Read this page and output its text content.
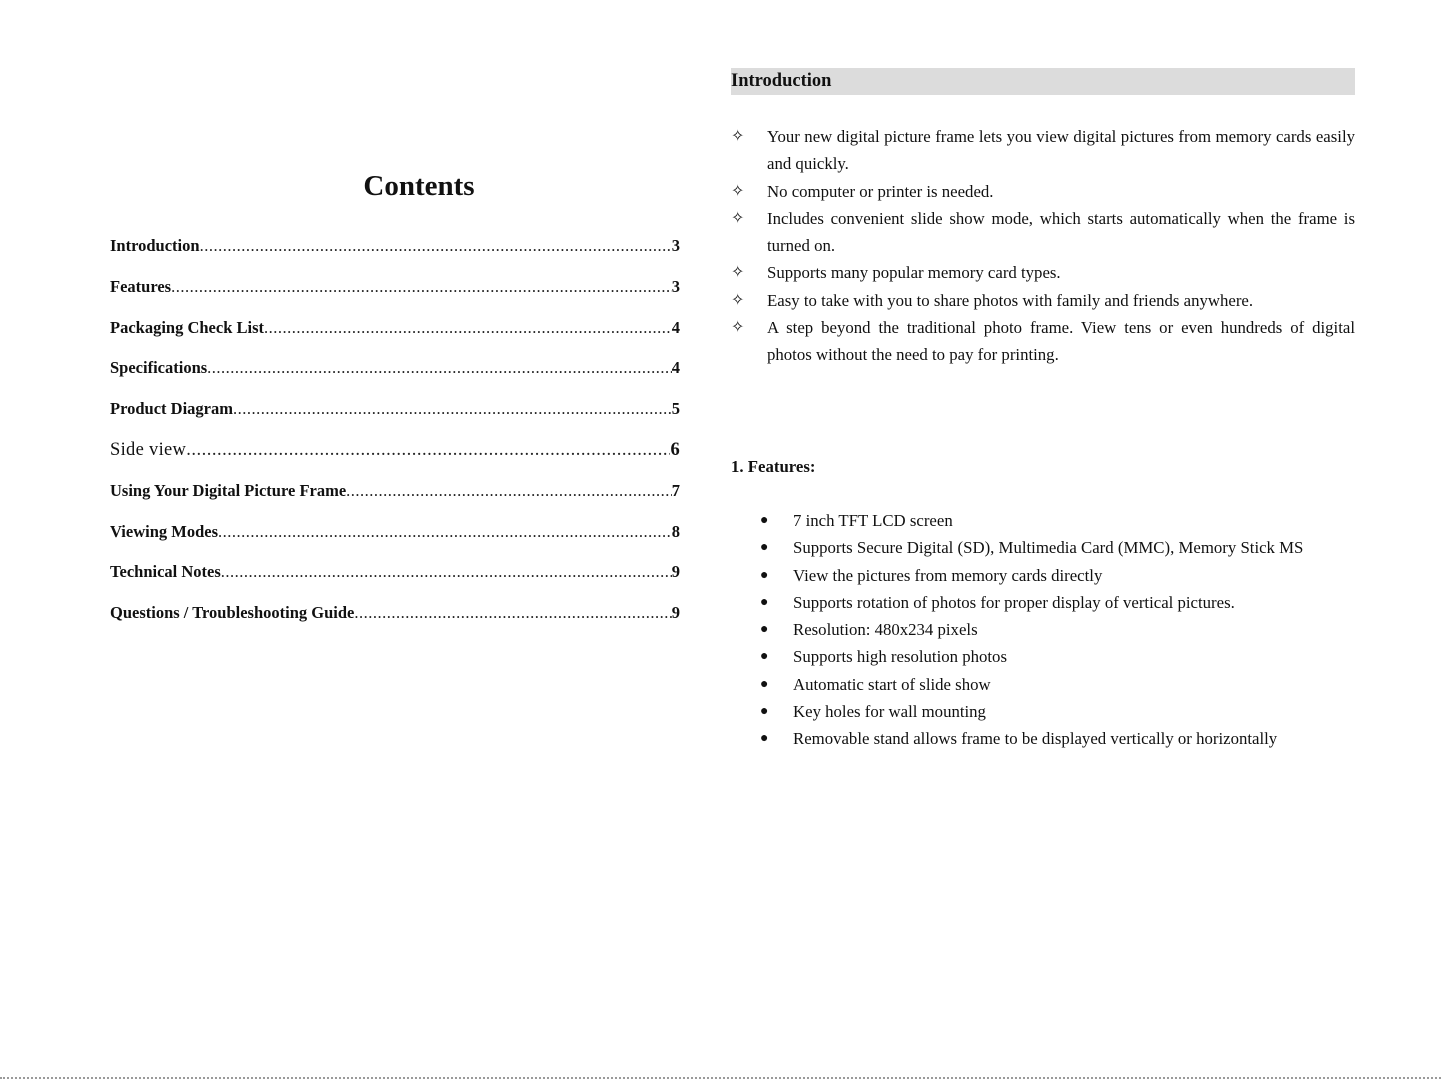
Contents
Introduction .....	3
Features .....	3
Packaging Check List .....	4
Specifications .....	4
Product Diagram .....	5
Side view .....	6
Using Your Digital Picture Frame .....	7
Viewing Modes .....	8
Technical Notes .....	9
Questions / Troubleshooting Guide .....	9
Introduction
✧	Your new digital picture frame lets you view digital pictures from memory cards easily and quickly.
✧	No computer or printer is needed.
✧	Includes convenient slide show mode, which starts automatically when the frame is turned on.
✧	Supports many popular memory card types.
✧	Easy to take with you to share photos with family and friends anywhere.
✧	A step beyond the traditional photo frame. View tens or even hundreds of digital photos without the need to pay for printing.
1. Features:
●	7 inch TFT LCD screen
●	Supports Secure Digital (SD), Multimedia Card (MMC), Memory Stick MS
●	View the pictures from memory cards directly
●	Supports rotation of photos for proper display of vertical pictures.
●	Resolution: 480x234 pixels
●	Supports high resolution photos
●	Automatic start of slide show
●	Key holes for wall mounting
●	Removable stand allows frame to be displayed vertically or horizontally
